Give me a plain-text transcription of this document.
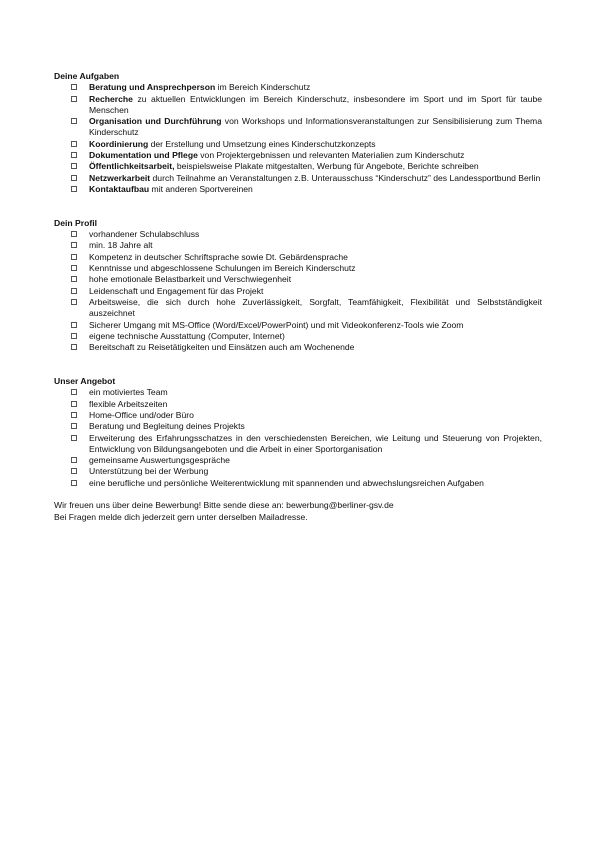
Deine Aufgaben
Beratung und Ansprechperson im Bereich Kinderschutz
Recherche zu aktuellen Entwicklungen im Bereich Kinderschutz, insbesondere im Sport und im Sport für taube Menschen
Organisation und Durchführung von Workshops und Informationsveranstaltungen zur Sensibilisierung zum Thema Kinderschutz
Koordinierung der Erstellung und Umsetzung eines Kinderschutzkonzepts
Dokumentation und Pflege von Projektergebnissen und relevanten Materialien zum Kinderschutz
Öffentlichkeitsarbeit, beispielsweise Plakate mitgestalten, Werbung für Angebote, Berichte schreiben
Netzwerkarbeit durch Teilnahme an Veranstaltungen z.B. Unterausschuss “Kinderschutz” des Landessportbund Berlin
Kontaktaufbau mit anderen Sportvereinen
Dein Profil
vorhandener Schulabschluss
min. 18 Jahre alt
Kompetenz in deutscher Schriftsprache sowie Dt. Gebärdensprache
Kenntnisse und abgeschlossene Schulungen im Bereich Kinderschutz
hohe emotionale Belastbarkeit und Verschwiegenheit
Leidenschaft und Engagement für das Projekt
Arbeitsweise, die sich durch hohe Zuverlässigkeit, Sorgfalt, Teamfähigkeit, Flexibilität und Selbstständigkeit auszeichnet
Sicherer Umgang mit MS-Office (Word/Excel/PowerPoint) und mit Videokonferenz-Tools wie Zoom
eigene technische Ausstattung (Computer, Internet)
Bereitschaft zu Reisetätigkeiten und Einsätzen auch am Wochenende
Unser Angebot
ein motiviertes Team
flexible Arbeitszeiten
Home-Office und/oder Büro
Beratung und Begleitung deines Projekts
Erweiterung des Erfahrungsschatzes in den verschiedensten Bereichen, wie Leitung und Steuerung von Projekten, Entwicklung von Bildungsangeboten und die Arbeit in einer Sportorganisation
gemeinsame Auswertungsgespräche
Unterstützung bei der Werbung
eine berufliche und persönliche Weiterentwicklung mit spannenden und abwechslungsreichen Aufgaben
Wir freuen uns über deine Bewerbung! Bitte sende diese an: bewerbung@berliner-gsv.de
Bei Fragen melde dich jederzeit gern unter derselben Mailadresse.
